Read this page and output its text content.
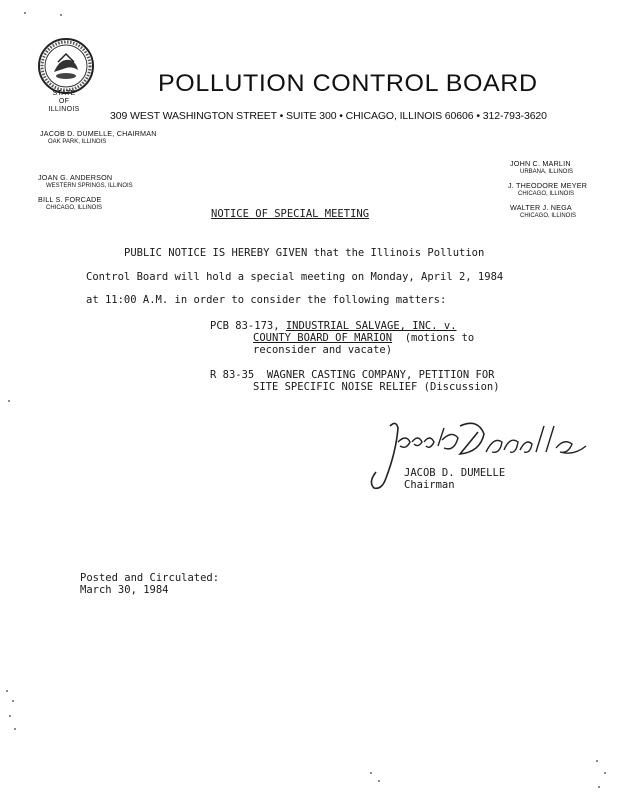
STATE
OF
ILLINOIS
POLLUTION CONTROL BOARD
309 WEST WASHINGTON STREET • SUITE 300 • CHICAGO, ILLINOIS 60606 • 312-793-3620
JACOB D. DUMELLE, CHAIRMAN
OAK PARK, ILLINOIS
JOAN G. ANDERSON
WESTERN SPRINGS, ILLINOIS
BILL S. FORCADE
CHICAGO, ILLINOIS
JOHN C. MARLIN
URBANA, ILLINOIS
J. THEODORE MEYER
CHICAGO, ILLINOIS
WALTER J. NEGA
CHICAGO, ILLINOIS
NOTICE OF SPECIAL MEETING
PUBLIC NOTICE IS HEREBY GIVEN that the Illinois Pollution
Control Board will hold a special meeting on Monday, April 2, 1984
at 11:00 A.M. in order to consider the following matters:
PCB 83-173, INDUSTRIAL SALVAGE, INC. v.
COUNTY BOARD OF MARION  (motions to
reconsider and vacate)
R 83-35  WAGNER CASTING COMPANY, PETITION FOR
SITE SPECIFIC NOISE RELIEF (Discussion)
JACOB D. DUMELLE
Chairman
Posted and Circulated:
March 30, 1984
